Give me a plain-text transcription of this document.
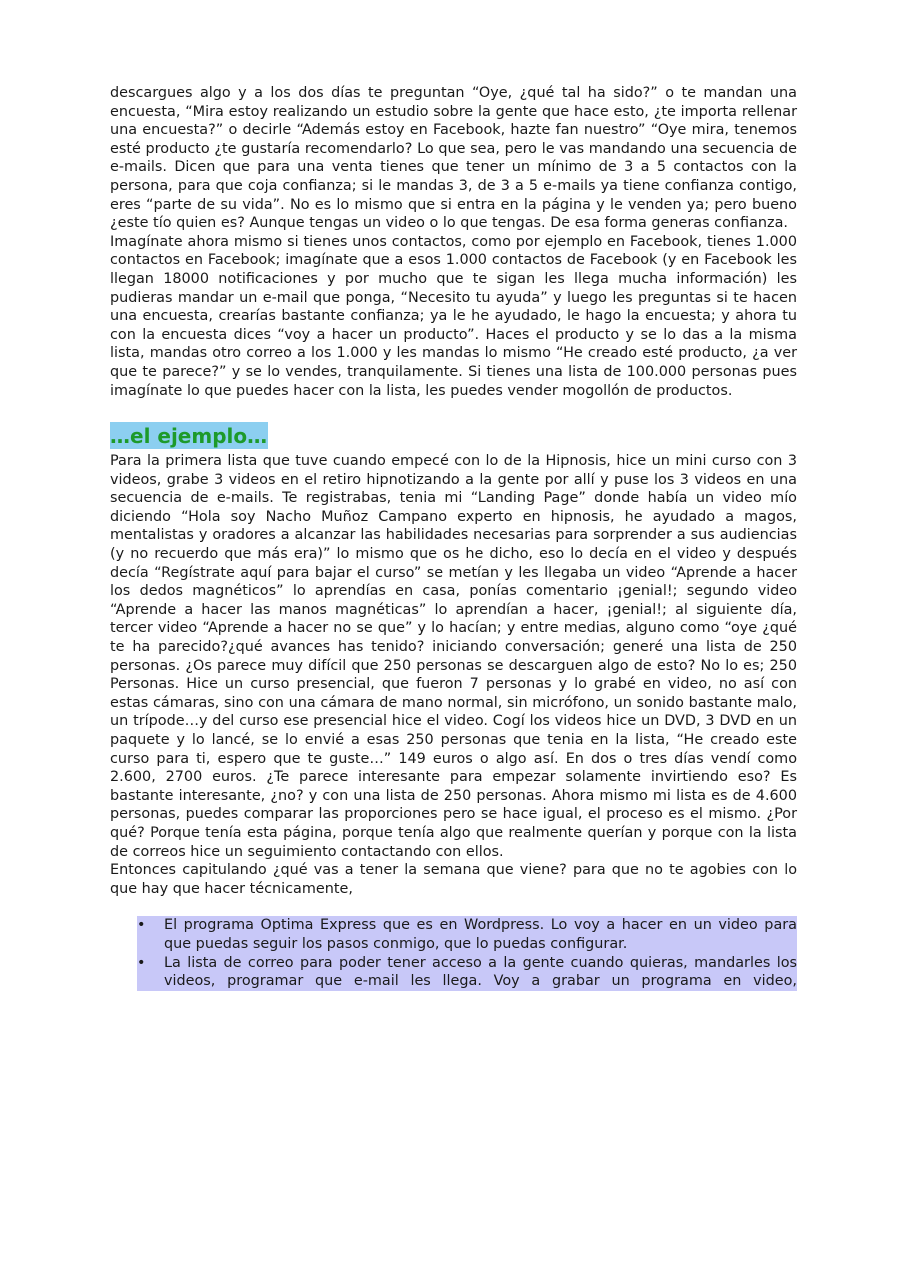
descargues algo y a los dos días te preguntan “Oye, ¿qué tal ha sido?” o te mandan una encuesta, “Mira estoy realizando un estudio sobre la gente que hace esto, ¿te importa rellenar una encuesta?” o decirle “Además estoy en Facebook, hazte fan nuestro” “Oye mira, tenemos esté producto ¿te gustaría recomendarlo? Lo que sea, pero le vas mandando una secuencia de e-mails. Dicen que para una venta tienes que tener un mínimo de 3 a 5 contactos con la persona, para que coja confianza; si le mandas 3, de 3 a 5 e-mails ya tiene confianza contigo, eres “parte de su vida”. No es lo mismo que si entra en la página y le venden ya; pero bueno ¿este tío quien es? Aunque tengas un video o lo que tengas. De esa forma generas confianza.

Imagínate ahora mismo si tienes unos contactos, como por ejemplo en Facebook, tienes 1.000 contactos en Facebook; imagínate que a esos 1.000 contactos de Facebook (y en Facebook les llegan 18000 notificaciones y por mucho que te sigan les llega mucha información) les pudieras mandar un e-mail que ponga, “Necesito tu ayuda” y luego les preguntas si te hacen una encuesta, crearías bastante confianza; ya le he ayudado, le hago la encuesta; y ahora tu con la encuesta dices “voy a hacer un producto”. Haces el producto y se lo das a la misma lista, mandas otro correo a los 1.000 y les mandas lo mismo “He creado esté producto, ¿a ver que te parece?” y se lo vendes, tranquilamente. Si tienes una lista de 100.000 personas pues imagínate lo que puedes hacer con la lista, les puedes vender mogollón de productos.

…el ejemplo…

Para la primera lista que tuve cuando empecé con lo de la Hipnosis, hice un mini curso con 3 videos, grabe 3 videos en el retiro hipnotizando a la gente por allí y puse los 3 videos en una secuencia de e-mails. Te registrabas, tenia mi “Landing Page” donde había un video mío diciendo “Hola soy Nacho Muñoz Campano experto en hipnosis, he ayudado a magos, mentalistas y oradores a alcanzar las habilidades necesarias para sorprender a sus audiencias (y no recuerdo que más era)” lo mismo que os he dicho, eso lo decía en el video y después decía “Regístrate aquí para bajar el curso” se metían y les llegaba un video “Aprende a hacer los dedos magnéticos” lo aprendías en casa, ponías comentario ¡genial!; segundo video “Aprende a hacer las manos magnéticas” lo aprendían a hacer, ¡genial!; al siguiente día, tercer video “Aprende a hacer no se que” y lo hacían; y entre medias, alguno como “oye ¿qué te ha parecido?¿qué avances has tenido? iniciando conversación; generé una lista de 250 personas. ¿Os parece muy difícil que 250 personas se descarguen algo de esto? No lo es; 250 Personas. Hice un curso presencial, que fueron 7 personas y lo grabé en video, no así con estas cámaras, sino con una cámara de mano normal, sin micrófono, un sonido bastante malo, un trípode…y del curso ese presencial hice el video. Cogí los videos hice un DVD, 3 DVD en un paquete y lo lancé, se lo envié a esas 250 personas que tenia en la lista, “He creado este curso para ti, espero que te guste…” 149 euros o algo así. En dos o tres días vendí como 2.600, 2700 euros. ¿Te parece interesante para empezar solamente invirtiendo eso? Es bastante interesante, ¿no? y con una lista de 250 personas. Ahora mismo mi lista es de 4.600 personas, puedes comparar las proporciones pero se hace igual, el proceso es el mismo. ¿Por qué? Porque tenía esta página, porque tenía algo que realmente querían y porque con la lista de correos hice un seguimiento contactando con ellos.

Entonces capitulando ¿qué vas a tener la semana que viene? para que no te agobies con lo que hay que hacer técnicamente,

•	El programa Optima Express que es en Wordpress. Lo voy a hacer en un video para que puedas seguir los pasos conmigo, que lo puedas configurar.
•	La lista de correo para poder tener acceso a la gente cuando quieras, mandarles los videos, programar que e-mail les llega. Voy a grabar un programa en video,
